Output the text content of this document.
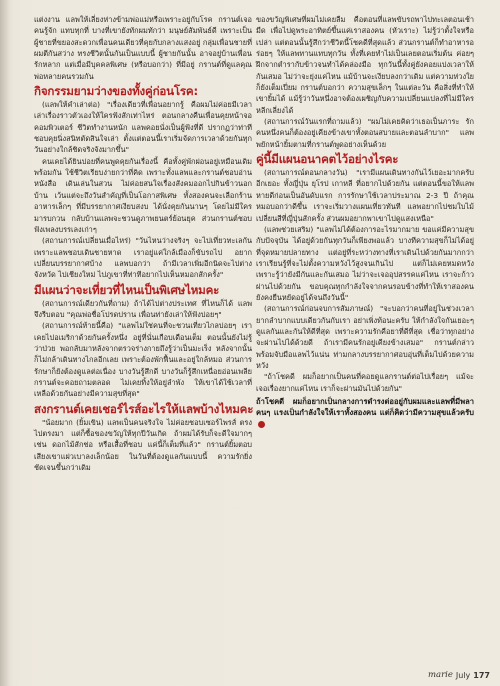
แต่งงาน แลพให้เลี่ยงห่างข้ามพ่อแม่หรือเพราะอยู่กับโรค กรานต์เจอคนรู้จัก แทบทุกที่ บางที่เขายังทักผมทักว่า มนุษย์สัมพันธ์ดี เพราะเป็นผู้ชายที่ขยองสะดวกเพื่อนคนเดียวที่คุยกับกลางแสงอยู่ กลุ่มเพื่อนชายที่ผมตีกันสว่าง ทรงชีวิตนั้นกันเป็นแบบนี้ ผู้ชายกันนั้น อาจอยู่บ้านเพื่อนรักหลาก แต่เมื่อมีบุคคลพิเศษ (หรือบอกว่า) ที่มีอยู่ กรานต์ที่ดูแลคุณพ่อหลายคนรวมกัน

กิจกรรมยามว่างของทั้งคู่ก่อนโรค:

(แลพให้คำเล่าต่อ) "เรื่องเดียวที่เพื่อนอยากรู้ คือผมไม่ค่อยมีเวลาเล่าเรื่องราวตัวเองให้ใครฟังสักเท่าไหร่ ตอนกลางคืนเพื่อนคุยหน้าจอคอมพิวเตอร์ ชีวิตทำงานหนัก แลพคอยนั่งเป็นผู้ฟังที่ดี ปรากฏว่าท่าทีชอบคุยนิ่งสนิทตัดสินใจเล่า ตั้งแต่ตอนนี้เราเริ่มจัดการเวลาด้วยกันทุกวันอย่างใกล้ชิดจริงจังมากขึ้น"

คนเคยได้ยินบ่อยที่คนพูดคุยกันเรื่องนี้ คือทั้งคู่พักผ่อนอยู่เหมือนเดิมพร้อมกัน ใช้ชีวิตเรียบง่ายกว่าที่คิด เพราะทั้งแลพและกรานต์ชอบอ่านหนังสือ เดินเล่นในสวน ไม่ค่อยสนใจเรื่องสังคมออกไปกินข้าวนอกบ้าน เว้นแต่จะถึงวันสำคัญที่เป็นโอกาสพิเศษ ทั้งสองคนจะเลือกร้านอาหารเล็กๆ ที่มีบรรยากาศเงียบสงบ ได้นั่งคุยกันนานๆ โดยไม่มีใครมารบกวน กลับบ้านแลพจะชวนดูภาพยนตร์ย้อนยุค ส่วนกรานต์ชอบฟังเพลงบรรเลงเก่าๆ

(สถานการณ์เปลี่ยนเมื่อไหร่) "วันไหนว่างจริงๆ จะไปเที่ยวทะเลกันเพราะแลพชอบเดินชายหาด เราอยู่แค่ใกล้เมืองก็ขับรถไป อยากเปลี่ยนบรรยากาศบ้าง แลพบอกว่า ถ้ามีเวลาเพิ่มอีกนิดจะไปต่างจังหวัด ไปเชียงใหม่ ไปภูเขาที่ท่าทีอยากไปเห็นหมอกสักครั้ง"

มีแผนว่าจะเที่ยวที่ไหนเป็นพิเศษไหมคะ

(สถานการณ์เดียวกันที่ถาม) ถ้าได้ไปต่างประเทศ ที่ไหนก็ได้ แลพจึงรีบตอบ "คุณพ่อชื่อโปรดปราน เพื่อนท่ายังเล่าให้ฟังบ่อยๆ"

(สถานการณ์ท้ายนี้คือ) "แลพไม่ใช่คนที่จะชวนเที่ยวไกลบ่อยๆ เราเคยไปอเมริกาด้วยกันครั้งหนึ่ง อยู่ที่นั่นเกือบเดือนเต็ม ตอนนั้นยังไม่รู้ว่าป่วย พอกลับมาหลังจากตรวจร่างกายถึงรู้ว่าเป็นมะเร็ง หลังจากนั้นก็ไม่กล้าเดินทางไกลอีกเลย เพราะต้องพักฟื้นและอยู่ใกล้หมอ ส่วนการรักษาก็ยังต้องดูแลต่อเนื่อง บางวันรู้สึกดี บางวันก็รู้สึกเหนื่อยอ่อนเพลีย กรานต์จะคอยถามตลอด ไม่เคยทิ้งให้อยู่ลำพัง ให้เขาได้ใช้เวลาที่เหลือด้วยกันอย่างมีความสุขที่สุด"

สงกรานต์เคยเชอร์ไรส์อะไรให้แลพบ้างไหมคะ

"น้อยมาก (ยิ้มเขิน) แลพเป็นคนจริงใจ ไม่ค่อยชอบเซอร์ไพรส์ ตรงไปตรงมา แต่ก็ซื้อของขวัญให้ทุกปีวันเกิด ถ้าผมได้รับก็จะดีใจมากๆ เช่น ดอกไม้สักช่อ หรือเสื้อที่ชอบ แค่นี้ก็เต็มที่แล้ว" กรานต์ยิ้มตอบ เสียงเขาแผ่วเบาลงเล็กน้อย ในวันที่ต้องดูแลกันแบบนี้ ความรักยิ่งชัดเจนขึ้นกว่าเดิม

ของขวัญพิเศษที่ผมไม่เคยลืม คือตอนที่แลพขับรถพาไปทะเลตอนเช้ามืด เพื่อไปดูพระอาทิตย์ขึ้นแค่เราสองคน (หัวเราะ) ไม่รู้ว่าตั้งใจหรือเปล่า แต่ตอนนั้นรู้สึกว่าชีวิตนี้โชคดีที่สุดแล้ว ส่วนกรานต์ก็ทำอาหารอร่อยๆ ให้แลพทานแทบทุกวัน ทั้งที่เคยทำไม่เป็นเลยตอนเริ่มต้น ค่อยๆ ฝึกจากตำรากับข้าวจนทำได้คล่องมือ ทุกวันนี้ทั้งคู่ยังคอยแบ่งเวลาให้กันเสมอ ไม่ว่าจะยุ่งแค่ไหน แม้บ้านจะเงียบลงกว่าเดิม แต่ความห่วงใยก็ยังเต็มเปี่ยม กรานต์บอกว่า ความสุขเล็กๆ ในแต่ละวัน คือสิ่งที่ทำให้เขายิ้มได้ แม้รู้ว่าวันหนึ่งอาจต้องเผชิญกับความเปลี่ยนแปลงที่ไม่มีใครหลีกเลี่ยงได้

(สถานการณ์วันแรกที่ถามแล้ว) "ผมไม่เคยคิดว่าเธอเป็นภาระ รักคนหนึ่งคนก็ต้องอยู่เคียงข้างเขาทั้งตอนสบายและตอนลำบาก" แลพพยักหน้ายิ้มตามที่กรานต์พูดอย่างเห็นด้วย

คู่นี้มีแผนอนาคตไว้อย่างไรคะ

(สถานการณ์ตอนกลางวัน) "เรามีแผนเดินทางกันไว้เยอะมากครับ อีกเยอะ ทั้งญี่ปุ่น ยุโรป เกาหลี ที่อยากไปด้วยกัน แต่ตอนนี้ขอให้แลพหายดีก่อนเป็นอันดับแรก การรักษาใช้เวลาประมาณ 2-3 ปี ถ้าคุณหมอบอกว่าดีขึ้น เราจะเริ่มวางแผนเที่ยวทันที แลพอยากไปชมใบไม้เปลี่ยนสีที่ญี่ปุ่นสักครั้ง ส่วนผมอยากพาเขาไปดูแสงเหนือ"

(แลพช่วยเสริม) "แลพไม่ได้ต้องการอะไรมากมาย ขอแค่มีความสุขกับปัจจุบัน ได้อยู่ด้วยกันทุกวันก็เพียงพอแล้ว บางทีความสุขก็ไม่ได้อยู่ที่จุดหมายปลายทาง แต่อยู่ที่ระหว่างทางที่เราเดินไปด้วยกันมากกว่า เราเรียนรู้ที่จะไม่ตั้งความหวังไว้สูงจนเกินไป แต่ก็ไม่เคยหมดหวัง เพราะรู้ว่ายังมีกันและกันเสมอ ไม่ว่าจะเจออุปสรรคแค่ไหน เราจะก้าวผ่านไปด้วยกัน ขอบคุณทุกกำลังใจจากคนรอบข้างที่ทำให้เราสองคนยังคงยืนหยัดอยู่ได้จนถึงวันนี้"

(สถานการณ์ก่อนจบการสัมภาษณ์) "จะบอกว่าคนที่อยู่ในช่วงเวลายากลำบากแบบเดียวกันกับเรา อย่าเพิ่งท้อนะครับ ให้กำลังใจกันเยอะๆ ดูแลกันและกันให้ดีที่สุด เพราะความรักคือยาที่ดีที่สุด เชื่อว่าทุกอย่างจะผ่านไปได้ด้วยดี ถ้าเรามีคนรักอยู่เคียงข้างเสมอ" กรานต์กล่าวพร้อมจับมือแลพไว้แน่น ท่ามกลางบรรยากาศอบอุ่นที่เต็มไปด้วยความหวัง

"ถ้าโชคดี ผมก็อยากเป็นคนที่คอยดูแลกรานต์ต่อไปเรื่อยๆ แม้จะเจอเรื่องยากแค่ไหน เราก็จะผ่านมันไปด้วยกัน"

ถ้าโชคดี ผมก็อยากเป็นกลางการดำรงต่ออยู่กับผมและแลพที่มีพลาคนๆ เเรงเป็นกำลังใจให้เราทั้งสองคน แต่ก็คิดว่ามีความสุขแล้วครับ
marie July 177
